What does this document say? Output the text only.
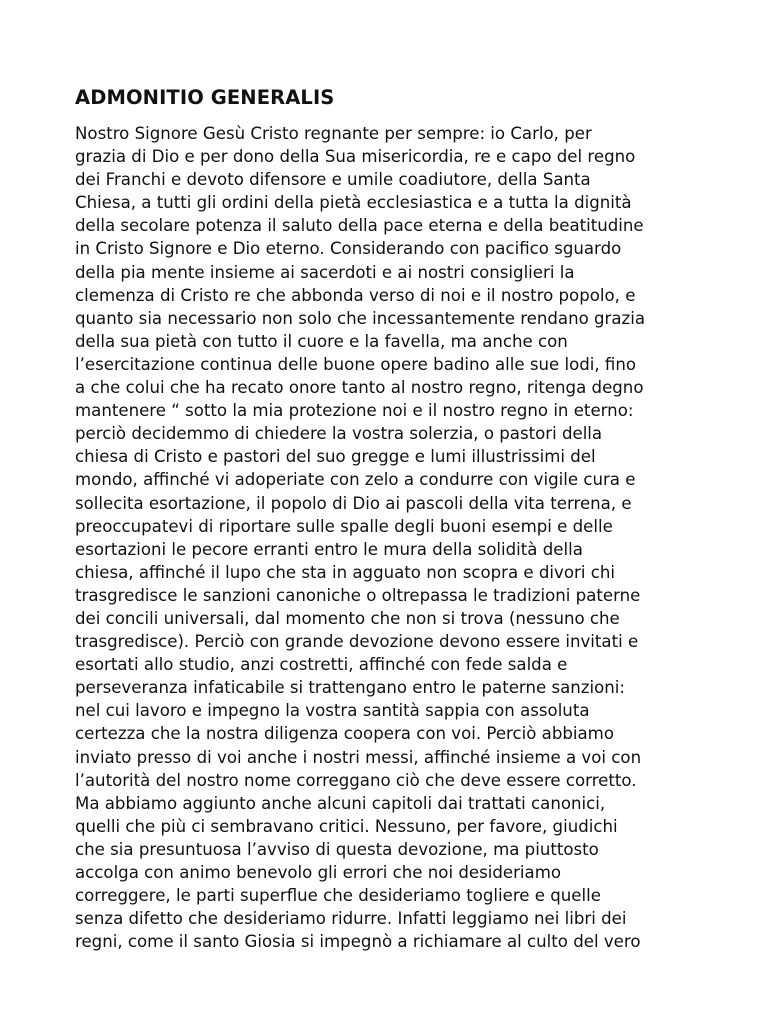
ADMONITIO GENERALIS

Nostro Signore Gesù Cristo regnante per sempre: io Carlo, per
grazia di Dio e per dono della Sua misericordia, re e capo del regno
dei Franchi e devoto difensore e umile coadiutore, della Santa
Chiesa, a tutti gli ordini della pietà ecclesiastica e a tutta la dignità
della secolare potenza il saluto della pace eterna e della beatitudine
in Cristo Signore e Dio eterno. Considerando con pacifico sguardo
della pia mente insieme ai sacerdoti e ai nostri consiglieri la
clemenza di Cristo re che abbonda verso di noi e il nostro popolo, e
quanto sia necessario non solo che incessantemente rendano grazia
della sua pietà con tutto il cuore e la favella, ma anche con
l’esercitazione continua delle buone opere badino alle sue lodi, fino
a che colui che ha recato onore tanto al nostro regno, ritenga degno
mantenere “ sotto la mia protezione noi e il nostro regno in eterno:
perciò decidemmo di chiedere la vostra solerzia, o pastori della
chiesa di Cristo e pastori del suo gregge e lumi illustrissimi del
mondo, affinché vi adoperiate con zelo a condurre con vigile cura e
sollecita esortazione, il popolo di Dio ai pascoli della vita terrena, e
preoccupatevi di riportare sulle spalle degli buoni esempi e delle
esortazioni le pecore erranti entro le mura della solidità della
chiesa, affinché il lupo che sta in agguato non scopra e divori chi
trasgredisce le sanzioni canoniche o oltrepassa le tradizioni paterne
dei concili universali, dal momento che non si trova (nessuno che
trasgredisce). Perciò con grande devozione devono essere invitati e
esortati allo studio, anzi costretti, affinché con fede salda e
perseveranza infaticabile si trattengano entro le paterne sanzioni:
nel cui lavoro e impegno la vostra santità sappia con assoluta
certezza che la nostra diligenza coopera con voi. Perciò abbiamo
inviato presso di voi anche i nostri messi, affinché insieme a voi con
l’autorità del nostro nome correggano ciò che deve essere corretto.
Ma abbiamo aggiunto anche alcuni capitoli dai trattati canonici,
quelli che più ci sembravano critici. Nessuno, per favore, giudichi
che sia presuntuosa l’avviso di questa devozione, ma piuttosto
accolga con animo benevolo gli errori che noi desideriamo
correggere, le parti superflue che desideriamo togliere e quelle
senza difetto che desideriamo ridurre. Infatti leggiamo nei libri dei
regni, come il santo Giosia si impegnò a richiamare al culto del vero
